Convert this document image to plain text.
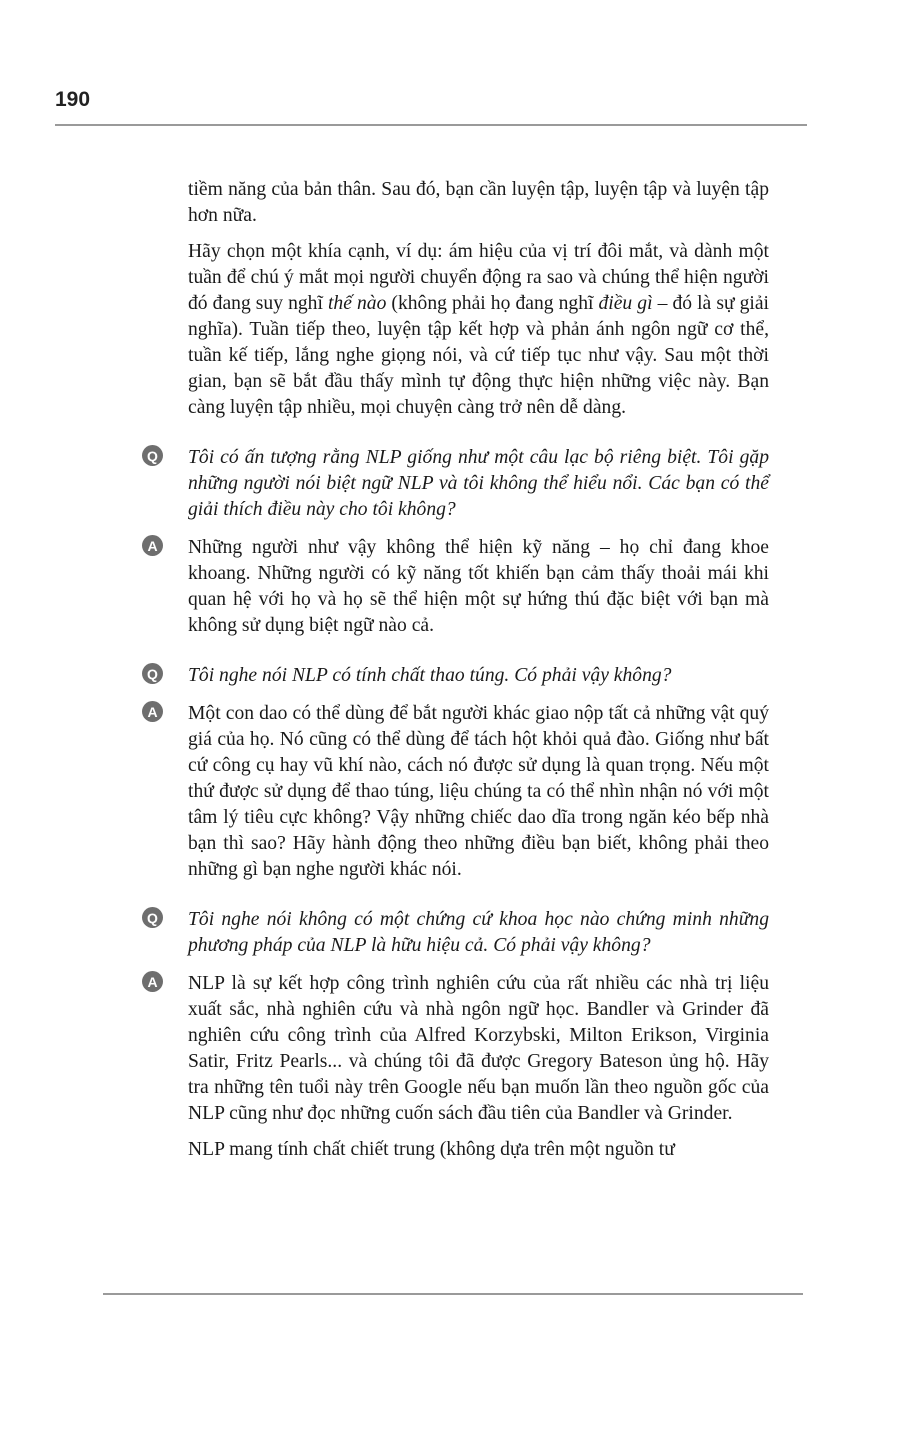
190

tiềm năng của bản thân. Sau đó, bạn cần luyện tập, luyện tập và luyện tập hơn nữa.

Hãy chọn một khía cạnh, ví dụ: ám hiệu của vị trí đôi mắt, và dành một tuần để chú ý mắt mọi người chuyển động ra sao và chúng thể hiện người đó đang suy nghĩ thế nào (không phải họ đang nghĩ điều gì – đó là sự giải nghĩa). Tuần tiếp theo, luyện tập kết hợp và phản ánh ngôn ngữ cơ thể, tuần kế tiếp, lắng nghe giọng nói, và cứ tiếp tục như vậy. Sau một thời gian, bạn sẽ bắt đầu thấy mình tự động thực hiện những việc này. Bạn càng luyện tập nhiều, mọi chuyện càng trở nên dễ dàng.

Q Tôi có ấn tượng rằng NLP giống như một câu lạc bộ riêng biệt. Tôi gặp những người nói biệt ngữ NLP và tôi không thể hiểu nổi. Các bạn có thể giải thích điều này cho tôi không?

A Những người như vậy không thể hiện kỹ năng – họ chỉ đang khoe khoang. Những người có kỹ năng tốt khiến bạn cảm thấy thoải mái khi quan hệ với họ và họ sẽ thể hiện một sự hứng thú đặc biệt với bạn mà không sử dụng biệt ngữ nào cả.

Q Tôi nghe nói NLP có tính chất thao túng. Có phải vậy không?

A Một con dao có thể dùng để bắt người khác giao nộp tất cả những vật quý giá của họ. Nó cũng có thể dùng để tách hột khỏi quả đào. Giống như bất cứ công cụ hay vũ khí nào, cách nó được sử dụng là quan trọng. Nếu một thứ được sử dụng để thao túng, liệu chúng ta có thể nhìn nhận nó với một tâm lý tiêu cực không? Vậy những chiếc dao dĩa trong ngăn kéo bếp nhà bạn thì sao? Hãy hành động theo những điều bạn biết, không phải theo những gì bạn nghe người khác nói.

Q Tôi nghe nói không có một chứng cứ khoa học nào chứng minh những phương pháp của NLP là hữu hiệu cả. Có phải vậy không?

A NLP là sự kết hợp công trình nghiên cứu của rất nhiều các nhà trị liệu xuất sắc, nhà nghiên cứu và nhà ngôn ngữ học. Bandler và Grinder đã nghiên cứu công trình của Alfred Korzybski, Milton Erikson, Virginia Satir, Fritz Pearls... và chúng tôi đã được Gregory Bateson ủng hộ. Hãy tra những tên tuổi này trên Google nếu bạn muốn lần theo nguồn gốc của NLP cũng như đọc những cuốn sách đầu tiên của Bandler và Grinder.

NLP mang tính chất chiết trung (không dựa trên một nguồn tư
